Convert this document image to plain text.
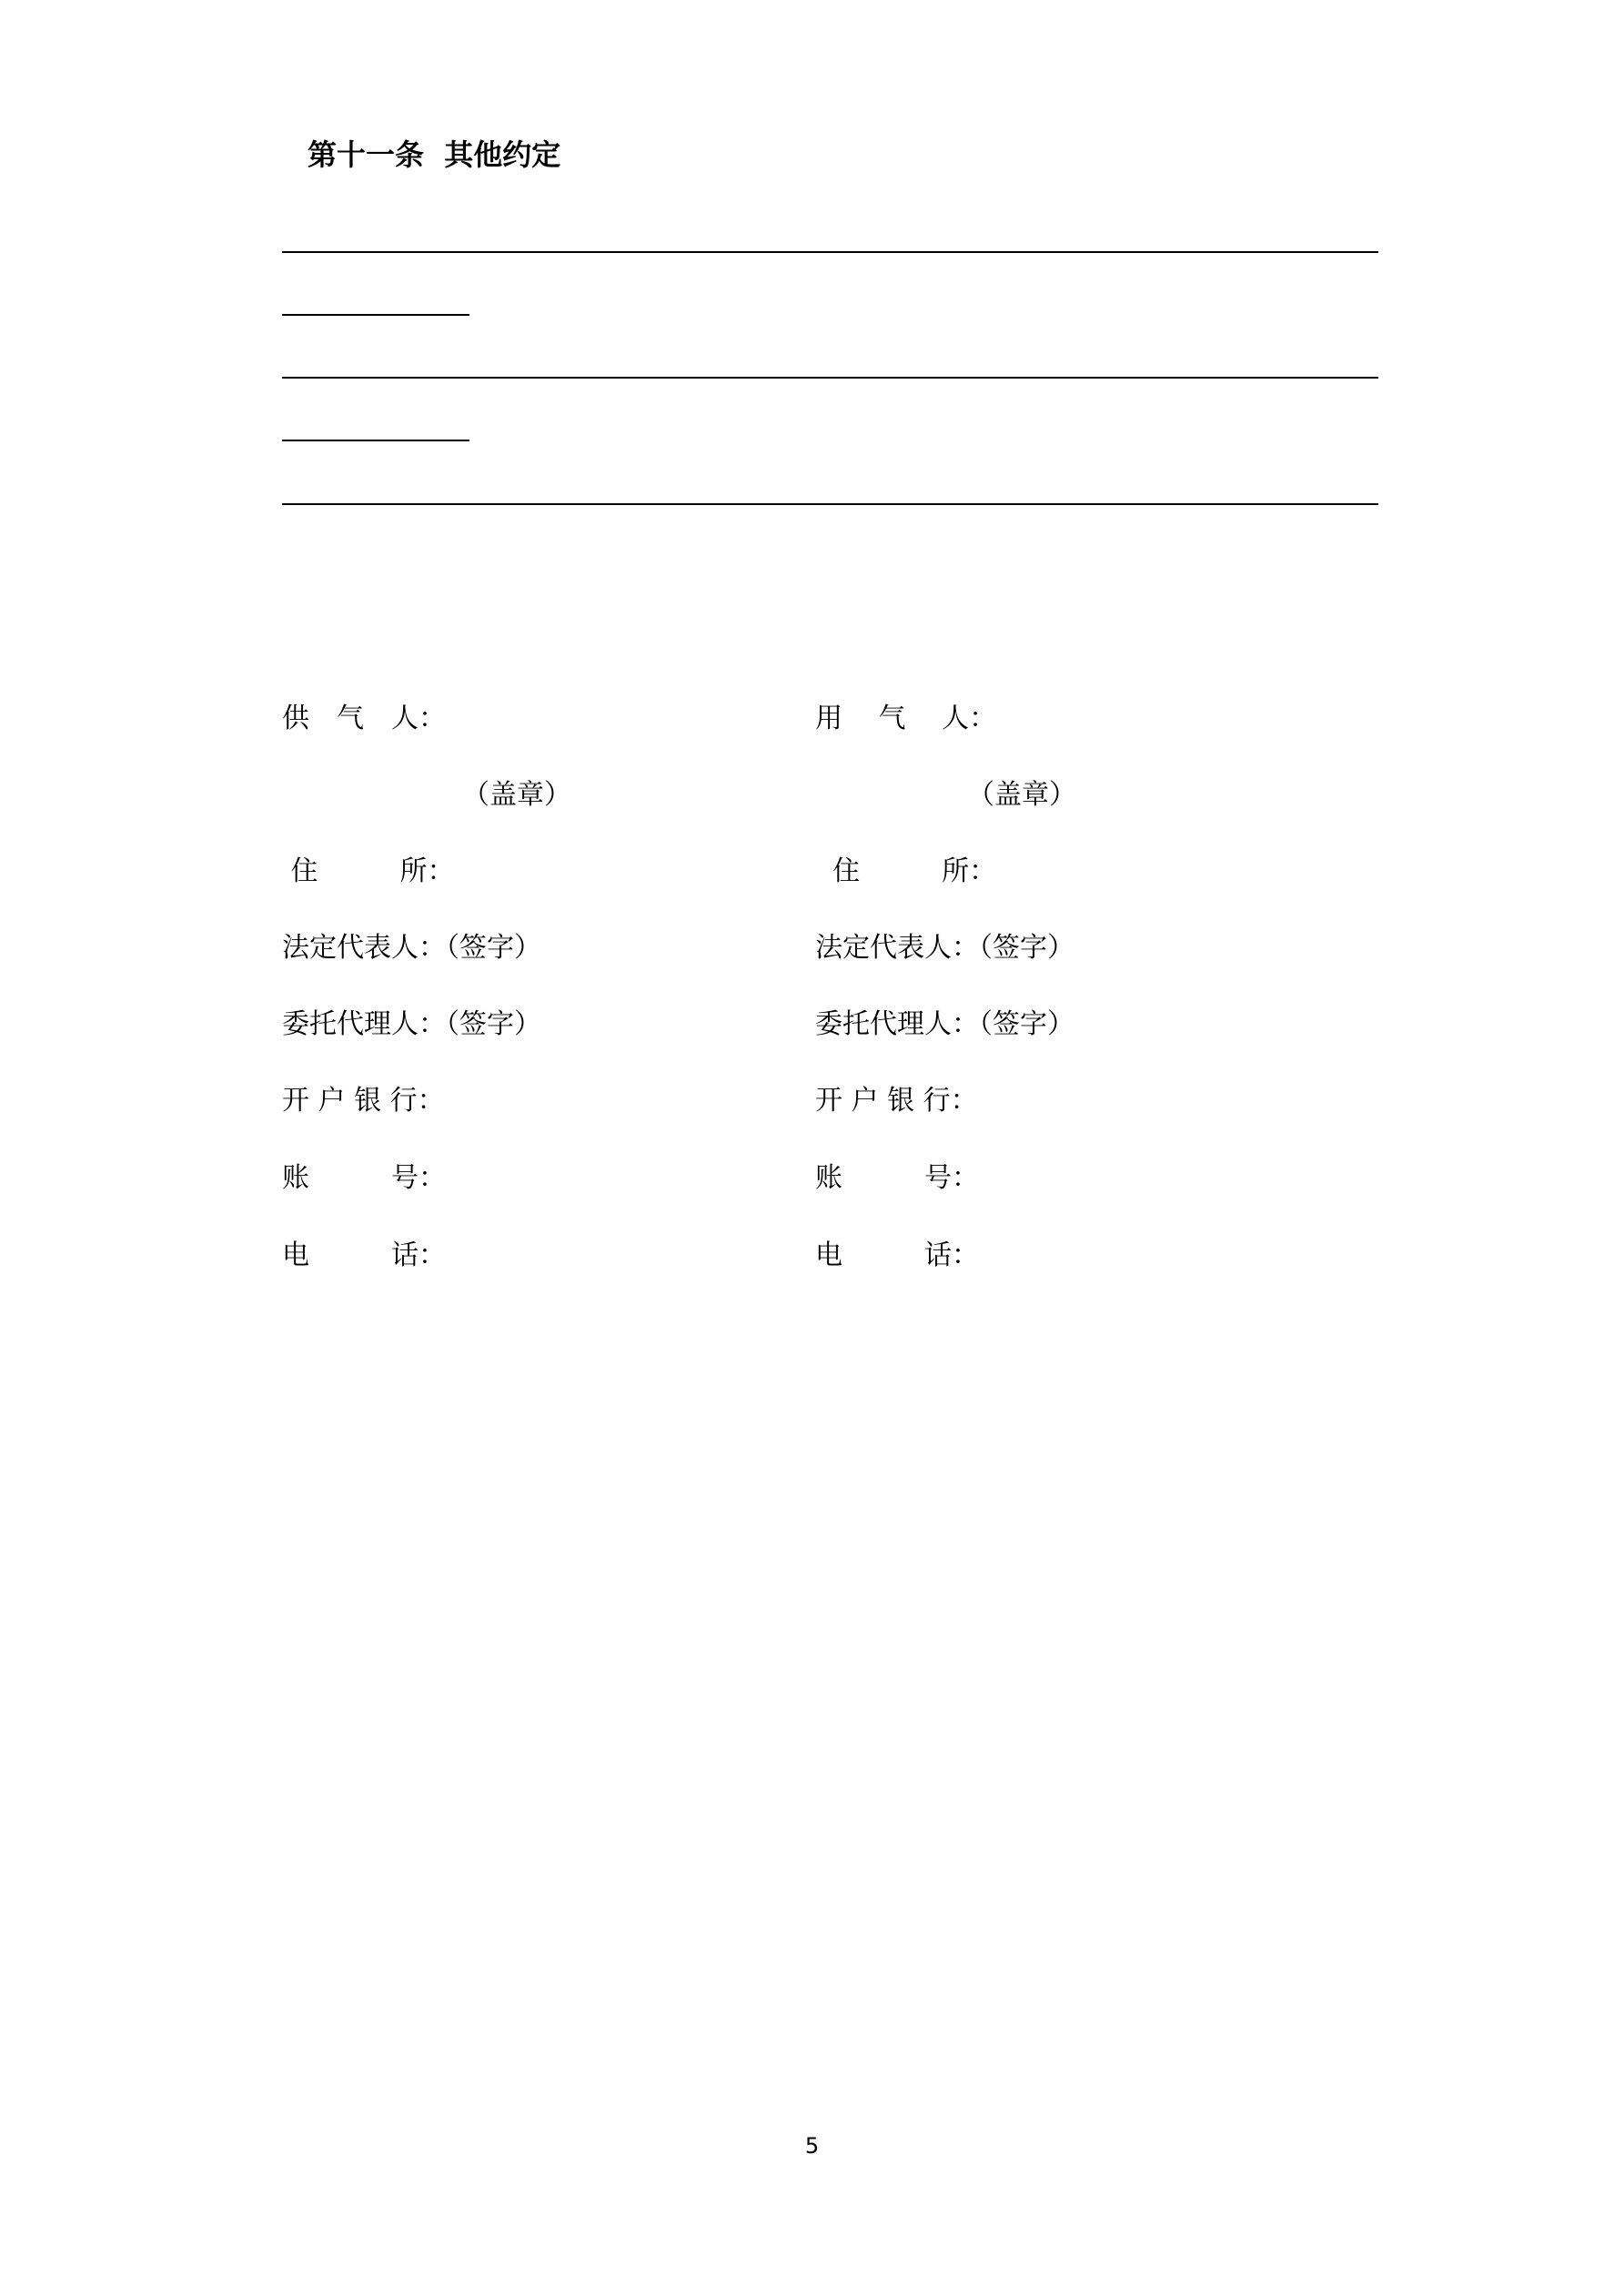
第十一条  其他约定
供　气　人：
（盖章）
住　　　所：
法定代表人：（签字）
委托代理人：（签字）
开 户 银 行：
账　　　号：
电　　　话：
用　 气　 人：
（盖章）
住　　　所：
法定代表人：（签字）
委托代理人：（签字）
开 户 银 行：
账　　　号：
电　　　话：
5
